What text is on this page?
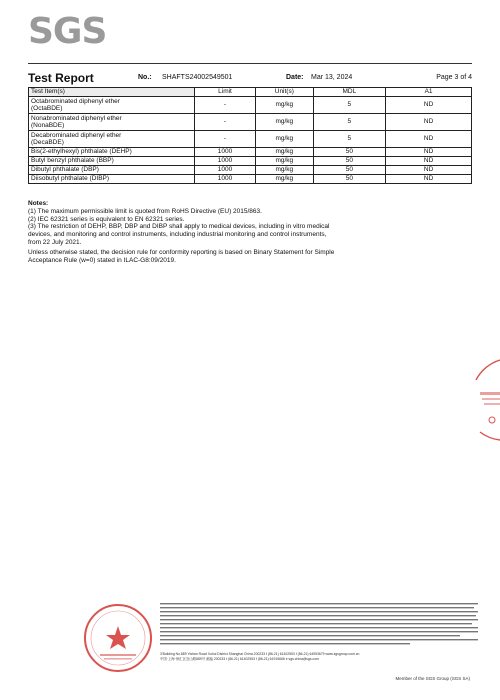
SGS
Test Report	No.: SHAFTS24002549501	Date: Mar 13, 2024	Page 3 of 4
Test Item(s)	Limit	Unit(s)	MDL	A1

Octabrominated diphenyl ether
(OctaBDE)	-	mg/kg	5	ND

Nonabrominated diphenyl ether
(NonaBDE)	-	mg/kg	5	ND

Decabrominated diphenyl ether
(DecaBDE)	-	mg/kg	5	ND
Bis(2-ethylhexyl) phthalate (DEHP)	1000	mg/kg	50	ND
Butyl benzyl phthalate (BBP)	1000	mg/kg	50	ND
Dibutyl phthalate (DBP)	1000	mg/kg	50	ND
Diisobutyl phthalate (DIBP)	1000	mg/kg	50	ND

Notes:

(1) The maximum permissible limit is quoted from RoHS Directive (EU) 2015/863.

(2) IEC 62321 series is equivalent to EN 62321 series.

(3) The restriction of DEHP, BBP, DBP and DIBP shall apply to medical devices, including in vitro medical

devices, and monitoring and control instruments, including industrial monitoring and control instruments,

from 22 July 2021.

Unless otherwise stated, the decision rule for conformity reporting is based on Binary Statement for Simple

Acceptance Rule (w=0) stated in ILAC-G8:09/2019.

3’Building No.889 Yishan Road Xuhui District Shanghai China 200233 t (86-21) 61402553 f (86-21) 64953679 www.sgsgroup.com.cn
中国·上海·徐汇区宜山路889号 邮编 200233 t (86-21) 61402553 f (86-21) 61915666 e sgs.china@sgs.com
Member of the SGS Group (SGS SA)
